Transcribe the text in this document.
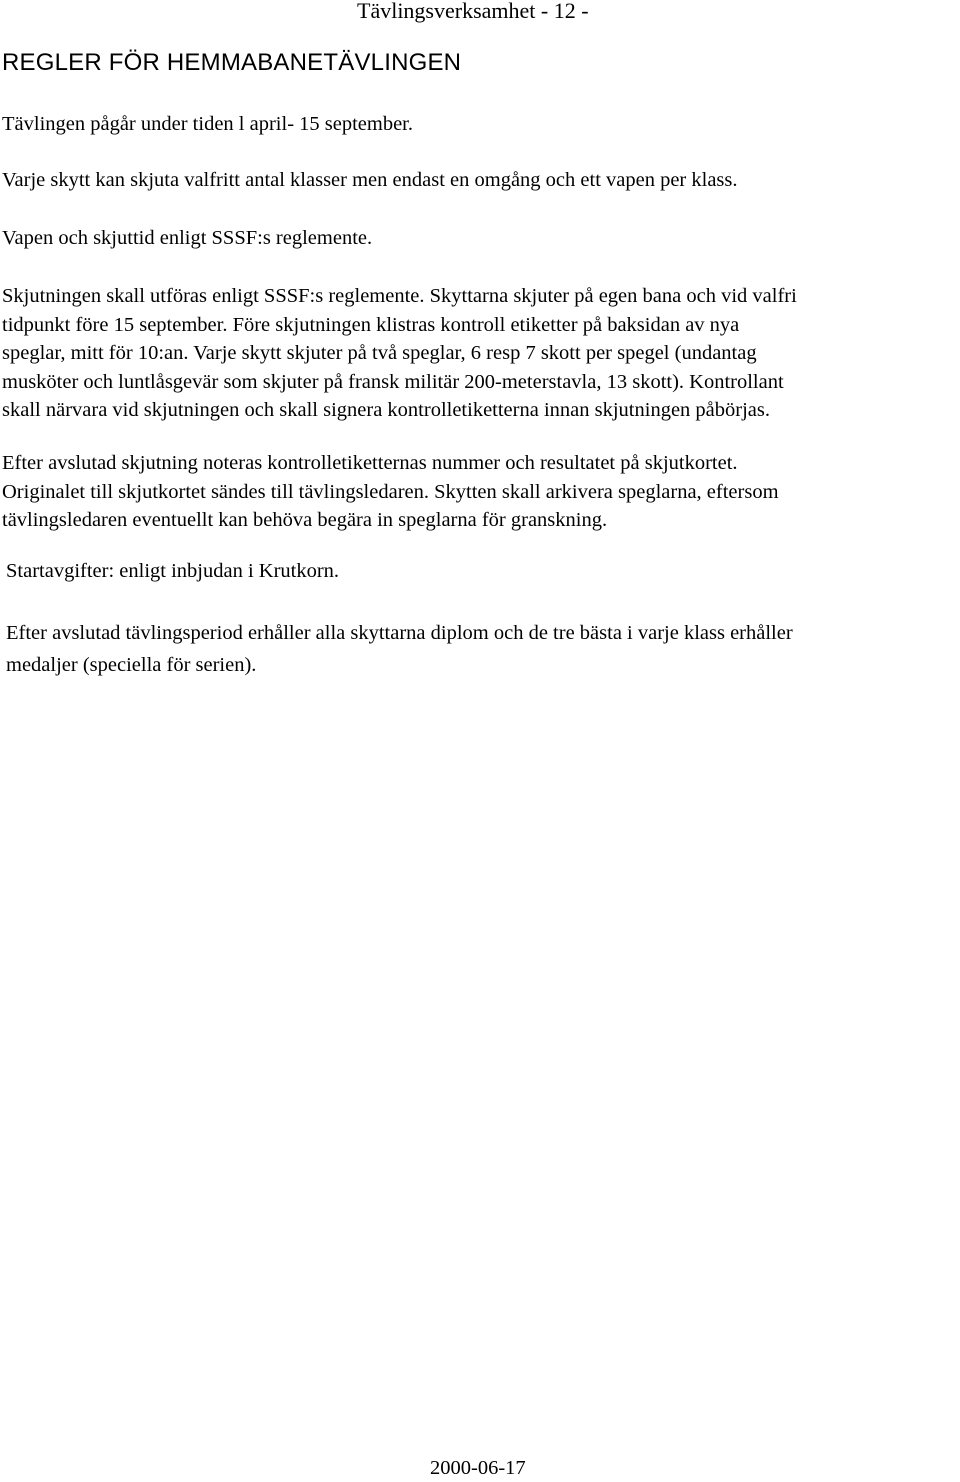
Tävlingsverksamhet - 12 -

REGLER FÖR HEMMABANETÄVLINGEN

Tävlingen pågår under tiden l april- 15 september.

Varje skytt kan skjuta valfritt antal klasser men endast en omgång och ett vapen per klass.

Vapen och skjuttid enligt SSSF:s reglemente.

Skjutningen skall utföras enligt SSSF:s reglemente. Skyttarna skjuter på egen bana och vid valfri
tidpunkt före 15 september. Före skjutningen klistras kontroll etiketter på baksidan av nya
speglar, mitt för 10:an. Varje skytt skjuter på två speglar, 6 resp 7 skott per spegel (undantag
musköter och luntlåsgevär som skjuter på fransk militär 200-meterstavla, 13 skott). Kontrollant
skall närvara vid skjutningen och skall signera kontrolletiketterna innan skjutningen påbörjas.
Efter avslutad skjutning noteras kontrolletiketternas nummer och resultatet på skjutkortet.
Originalet till skjutkortet sändes till tävlingsledaren. Skytten skall arkivera speglarna, eftersom
tävlingsledaren eventuellt kan behöva begära in speglarna för granskning.

Startavgifter: enligt inbjudan i Krutkorn.

Efter avslutad tävlingsperiod erhåller alla skyttarna diplom och de tre bästa i varje klass erhåller
medaljer (speciella för serien).

2000-06-17
